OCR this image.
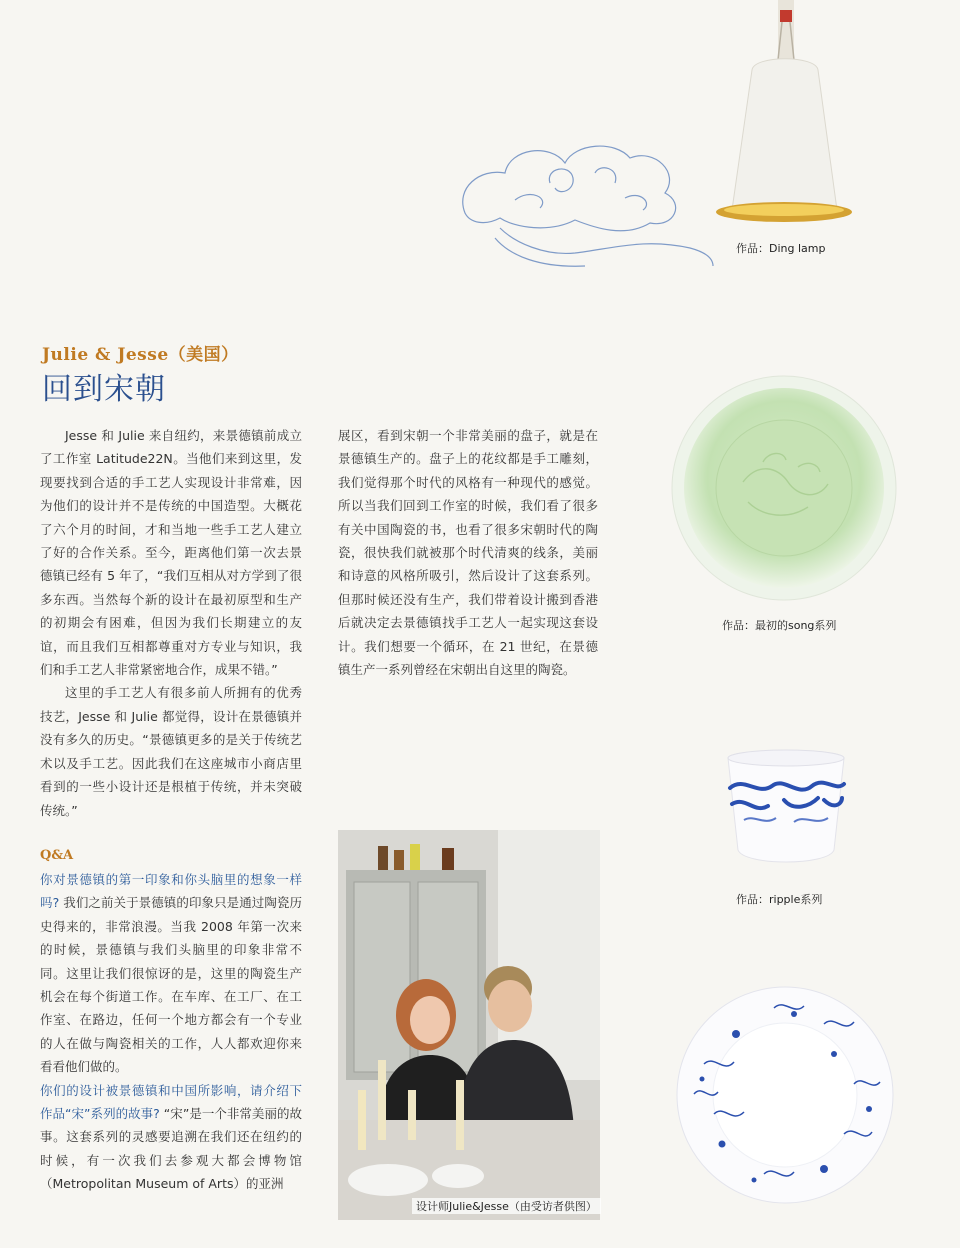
作品：Ding lamp
Julie & Jesse（美国）
回到宋朝

Jesse 和 Julie 来自纽约，来景德镇前成立了工作室 Latitude22N。当他们来到这里，发现要找到合适的手工艺人实现设计非常难，因为他们的设计并不是传统的中国造型。大概花了六个月的时间，才和当地一些手工艺人建立了好的合作关系。至今，距离他们第一次去景德镇已经有 5 年了，“我们互相从对方学到了很多东西。当然每个新的设计在最初原型和生产的初期会有困难，但因为我们长期建立的友谊，而且我们互相都尊重对方专业与知识，我们和手工艺人非常紧密地合作，成果不错。”

这里的手工艺人有很多前人所拥有的优秀技艺，Jesse 和 Julie 都觉得，设计在景德镇并没有多久的历史。“景德镇更多的是关于传统艺术以及手工艺。因此我们在这座城市小商店里看到的一些小设计还是根植于传统，并未突破传统。”

展区，看到宋朝一个非常美丽的盘子，就是在景德镇生产的。盘子上的花纹都是手工雕刻，我们觉得那个时代的风格有一种现代的感觉。所以当我们回到工作室的时候，我们看了很多有关中国陶瓷的书，也看了很多宋朝时代的陶瓷，很快我们就被那个时代清爽的线条，美丽和诗意的风格所吸引，然后设计了这套系列。但那时候还没有生产，我们带着设计搬到香港后就决定去景德镇找手工艺人一起实现这套设计。我们想要一个循环，在 21 世纪，在景德镇生产一系列曾经在宋朝出自这里的陶瓷。

Q&A

你对景德镇的第一印象和你头脑里的想象一样吗? 我们之前关于景德镇的印象只是通过陶瓷历史得来的，非常浪漫。当我 2008 年第一次来的时候，景德镇与我们头脑里的印象非常不同。这里让我们很惊讶的是，这里的陶瓷生产机会在每个街道工作。在车库、在工厂、在工作室、在路边，任何一个地方都会有一个专业的人在做与陶瓷相关的工作，人人都欢迎你来看看他们做的。

你们的设计被景德镇和中国所影响，请介绍下作品“宋”系列的故事? “宋”是一个非常美丽的故事。这套系列的灵感要追溯在我们还在纽约的时候，有一次我们去参观大都会博物馆（Metropolitan Museum of Arts）的亚洲

作品：最初的song系列
作品：ripple系列
设计师Julie&Jesse（由受访者供图）
